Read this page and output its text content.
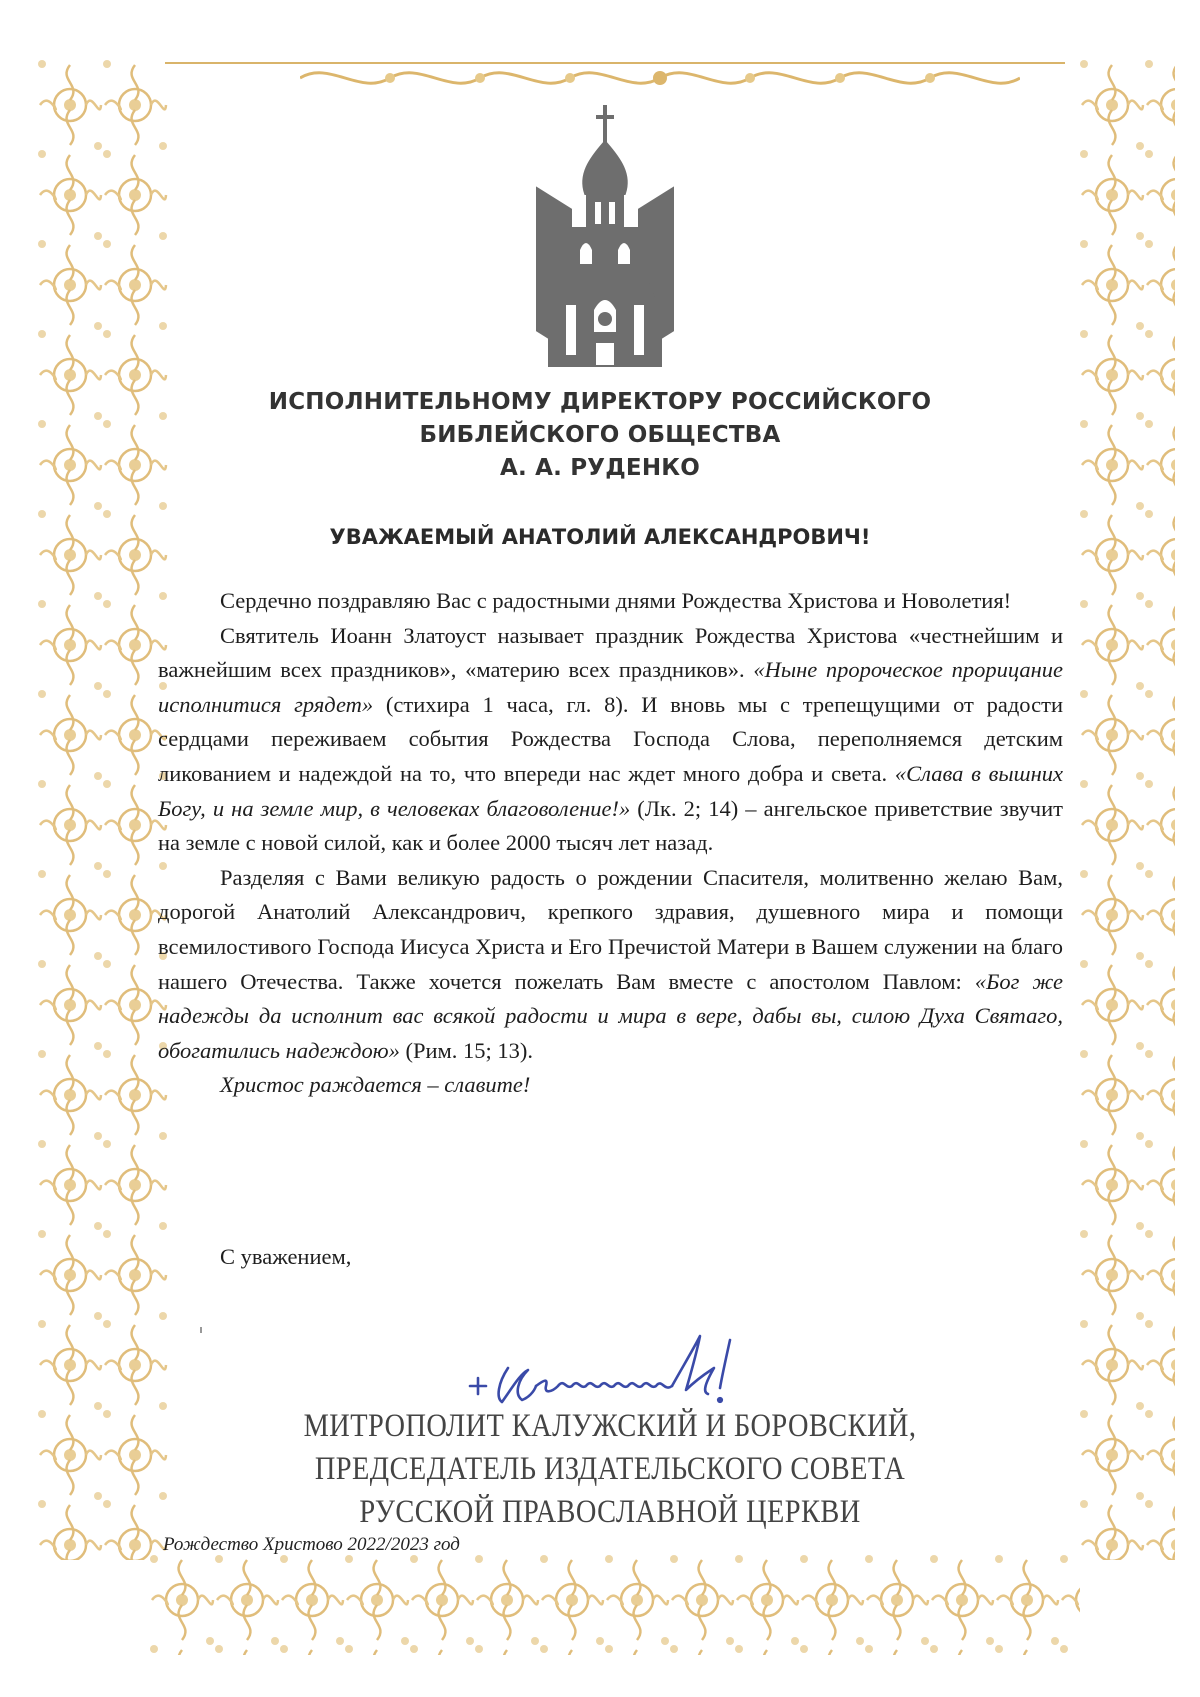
ИСПОЛНИТЕЛЬНОМУ ДИРЕКТОРУ РОССИЙСКОГО
БИБЛЕЙСКОГО ОБЩЕСТВА
А. А. РУДЕНКО
УВАЖАЕМЫЙ АНАТОЛИЙ АЛЕКСАНДРОВИЧ!

Сердечно поздравляю Вас с радостными днями Рождества Христова и Новолетия!

Святитель Иоанн Златоуст называет праздник Рождества Христова «честнейшим и важнейшим всех праздников», «материю всех праздников». «Ныне пророческое прорицание исполнитися грядет» (стихира 1 часа, гл. 8). И вновь мы с трепещущими от радости сердцами переживаем события Рождества Господа Слова, переполняемся детским ликованием и надеждой на то, что впереди нас ждет много добра и света. «Слава в вышних Богу, и на земле мир, в человеках благоволение!» (Лк. 2; 14) – ангельское приветствие звучит на земле с новой силой, как и более 2000 тысяч лет назад.

Разделяя с Вами великую радость о рождении Спасителя, молитвенно желаю Вам, дорогой Анатолий Александрович, крепкого здравия, душевного мира и помощи всемилостивого Господа Иисуса Христа и Его Пречистой Матери в Вашем служении на благо нашего Отечества. Также хочется пожелать Вам вместе с апостолом Павлом: «Бог же надежды да исполнит вас всякой радости и мира в вере, дабы вы, силою Духа Святаго, обогатились надеждою» (Рим. 15; 13).

Христос раждается – славите!

С уважением,
МИТРОПОЛИТ КАЛУЖСКИЙ И БОРОВСКИЙ,
ПРЕДСЕДАТЕЛЬ ИЗДАТЕЛЬСКОГО СОВЕТА
РУССКОЙ ПРАВОСЛАВНОЙ ЦЕРКВИ
Рождество Христово 2022/2023 год
